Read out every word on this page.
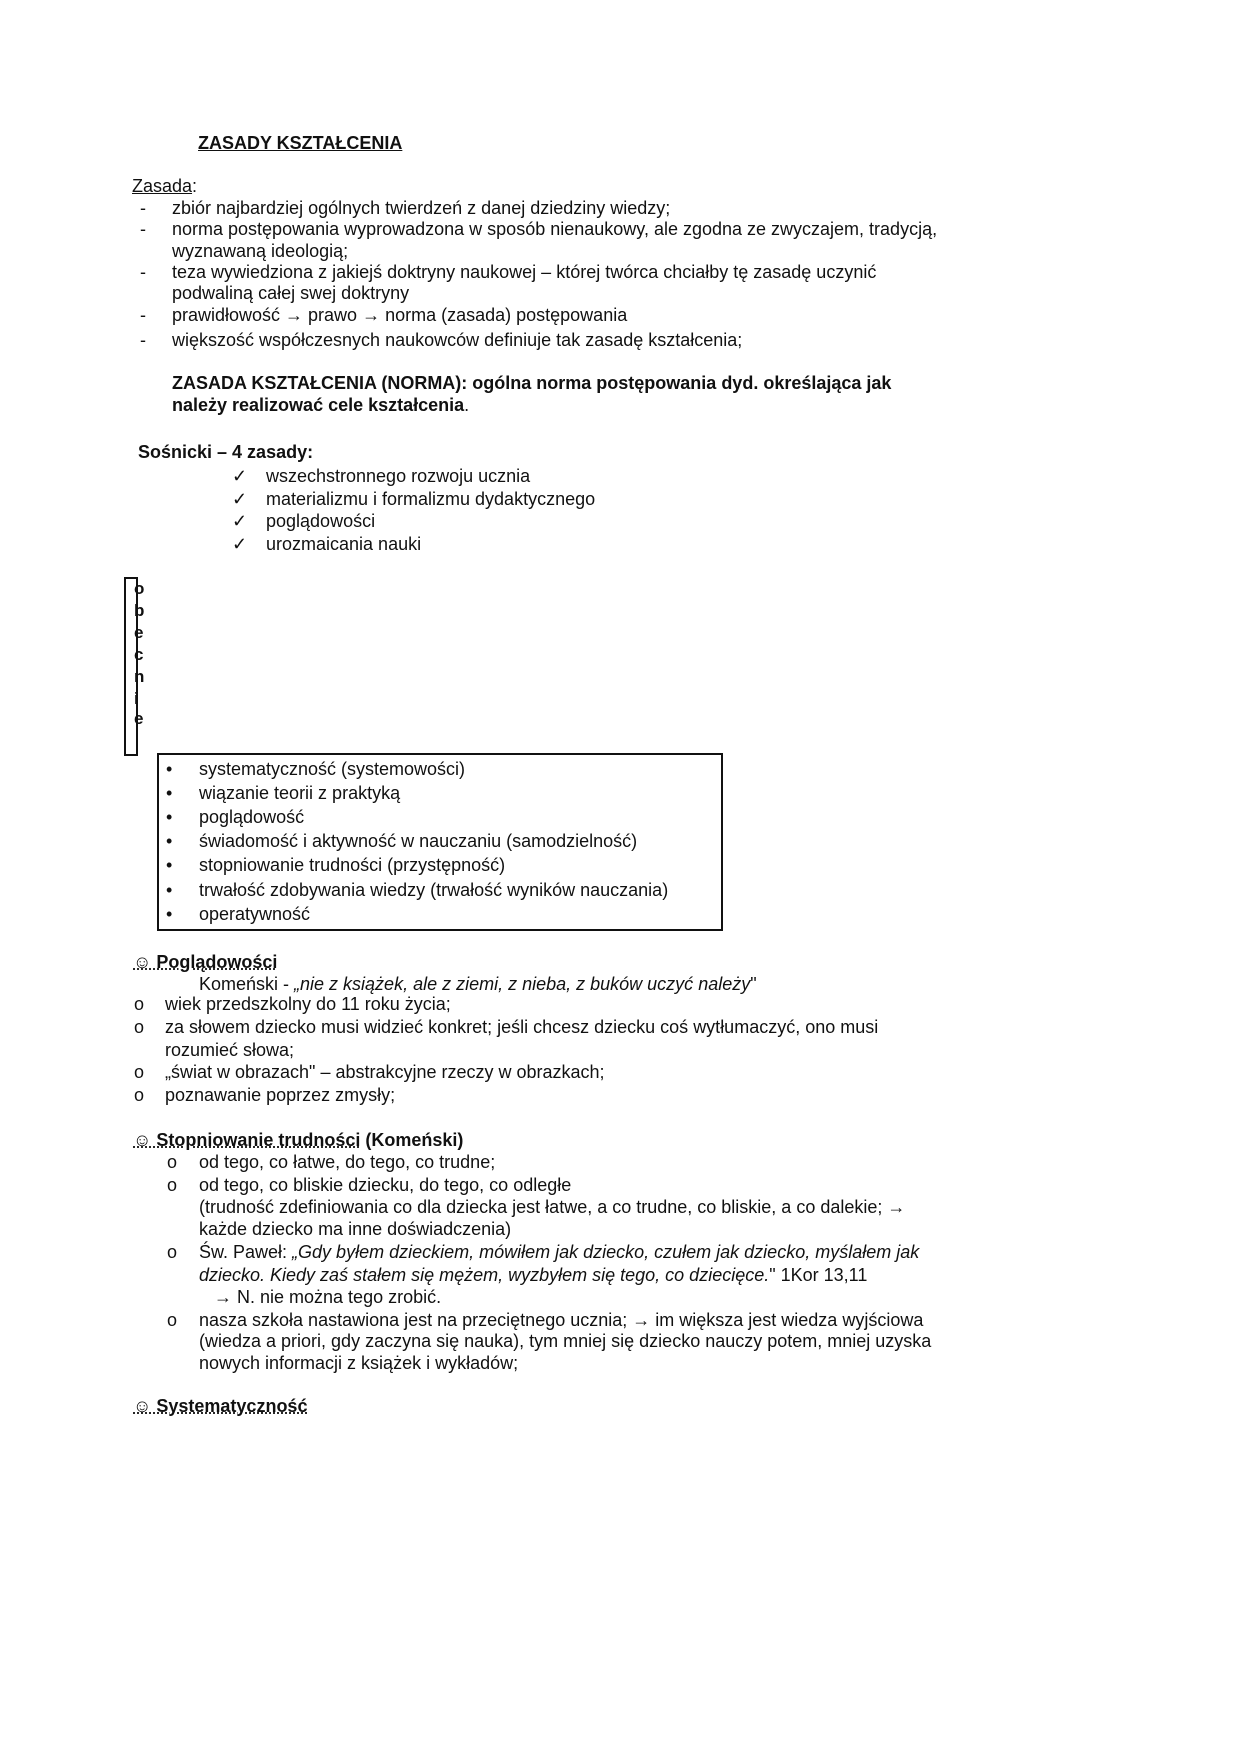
ZASADY KSZTAŁCENIA
Zasada:
- zbiór najbardziej ogólnych twierdzeń z danej dziedziny wiedzy;
- norma postępowania wyprowadzona w sposób nienaukowy, ale zgodna ze zwyczajem, tradycją,
wyznawaną ideologią;
- teza wywiedziona z jakiejś doktryny naukowej – której twórca chciałby tę zasadę uczynić
podwaliną całej swej doktryny
- prawidłowość → prawo → norma (zasada) postępowania
- większość współczesnych naukowców definiuje tak zasadę kształcenia;
ZASADA KSZTAŁCENIA (NORMA): ogólna norma postępowania dyd. określająca jak
należy realizować cele kształcenia.
Sośnicki – 4 zasady:
✓ wszechstronnego rozwoju ucznia
✓ materializmu i formalizmu dydaktycznego
✓ poglądowości
✓ urozmaicania nauki
o
b
e
c
n
i
e
• systematyczność (systemowości)
• wiązanie teorii z praktyką
• poglądowość
• świadomość i aktywność w nauczaniu (samodzielność)
• stopniowanie trudności (przystępność)
• trwałość zdobywania wiedzy (trwałość wyników nauczania)
• operatywność
☺ Poglądowości
Komeński - „nie z książek, ale z ziemi, z nieba, z buków uczyć należy"
o wiek przedszkolny do 11 roku życia;
o za słowem dziecko musi widzieć konkret; jeśli chcesz dziecku coś wytłumaczyć, ono musi
rozumieć słowa;
o „świat w obrazach" – abstrakcyjne rzeczy w obrazkach;
o poznawanie poprzez zmysły;
☺ Stopniowanie trudności (Komeński)
o od tego, co łatwe, do tego, co trudne;
o od tego, co bliskie dziecku, do tego, co odległe
(trudność zdefiniowania co dla dziecka jest łatwe, a co trudne, co bliskie, a co dalekie; →
każde dziecko ma inne doświadczenia)
o Św. Paweł: „Gdy byłem dzieckiem, mówiłem jak dziecko, czułem jak dziecko, myślałem jak
dziecko. Kiedy zaś stałem się mężem, wyzbyłem się tego, co dziecięce." 1Kor 13,11
→ N. nie można tego zrobić.
o nasza szkoła nastawiona jest na przeciętnego ucznia; → im większa jest wiedza wyjściowa
(wiedza a priori, gdy zaczyna się nauka), tym mniej się dziecko nauczy potem, mniej uzyska
nowych informacji z książek i wykładów;
☺ Systematyczność
